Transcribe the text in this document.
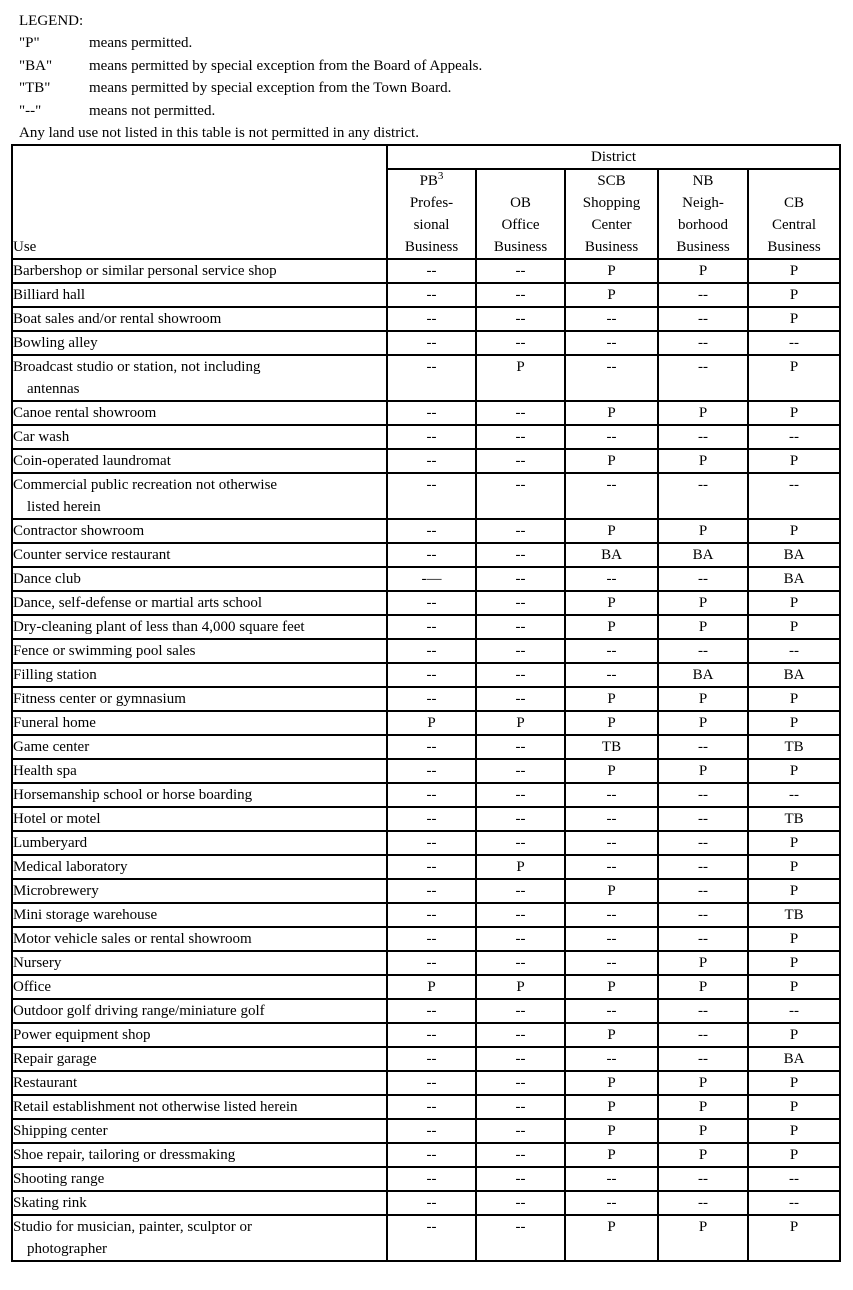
LEGEND:
"P"	means permitted.
"BA" means permitted by special exception from the Board of Appeals.
"TB"	means permitted by special exception from the Town Board.
"--"	means not permitted.
Any land use not listed in this table is not permitted in any district.
Use	District				

	$PB^3$
Profes-
sional
Business	OB
Office
Business	SCB
Shopping
Center
Business	NB
Neigh-
borhood
Business	CB
Central
Business

Barbershop or similar personal service shop	--	--	P	P	P
Billiard hall	--	--	P	--	P
Boat sales and/or rental showroom	--	--	--	--	P
Bowling alley	--	--	--	--	--
Broadcast studio or station, not including
antennas	--	P	--	--	P
Canoe rental showroom	--	--	P	P	P
Car wash	--	--	--	--	--
Coin-operated laundromat	--	--	P	P	P
Commercial public recreation not otherwise
listed herein	--	--	--	--	--
Contractor showroom	--	--	P	P	P
Counter service restaurant	--	--	BA	BA	BA
Dance club	-—	--	--	--	BA
Dance, self-defense or martial arts school	--	--	P	P	P
Dry-cleaning plant of less than 4,000 square feet	--	--	P	P	P
Fence or swimming pool sales	--	--	--	--	--
Filling station	--	--	--	BA	BA
Fitness center or gymnasium	--	--	P	P	P
Funeral home	P	P	P	P	P
Game center	--	--	TB	--	TB
Health spa	--	--	P	P	P
Horsemanship school or horse boarding	--	--	--	--	--
Hotel or motel	--	--	--	--	TB
Lumberyard	--	--	--	--	P
Medical laboratory	--	P	--	--	P
Microbrewery	--	--	P	--	P
Mini storage warehouse	--	--	--	--	TB
Motor vehicle sales or rental showroom	--	--	--	--	P
Nursery	--	--	--	P	P
Office	P	P	P	P	P
Outdoor golf driving range/miniature golf	--	--	--	--	--
Power equipment shop	--	--	P	--	P
Repair garage	--	--	--	--	BA
Restaurant	--	--	P	P	P
Retail establishment not otherwise listed herein	--	--	P	P	P
Shipping center	--	--	P	P	P
Shoe repair, tailoring or dressmaking	--	--	P	P	P
Shooting range	--	--	--	--	--
Skating rink	--	--	--	--	--
Studio for musician, painter, sculptor or
photographer	--	--	P	P	P
